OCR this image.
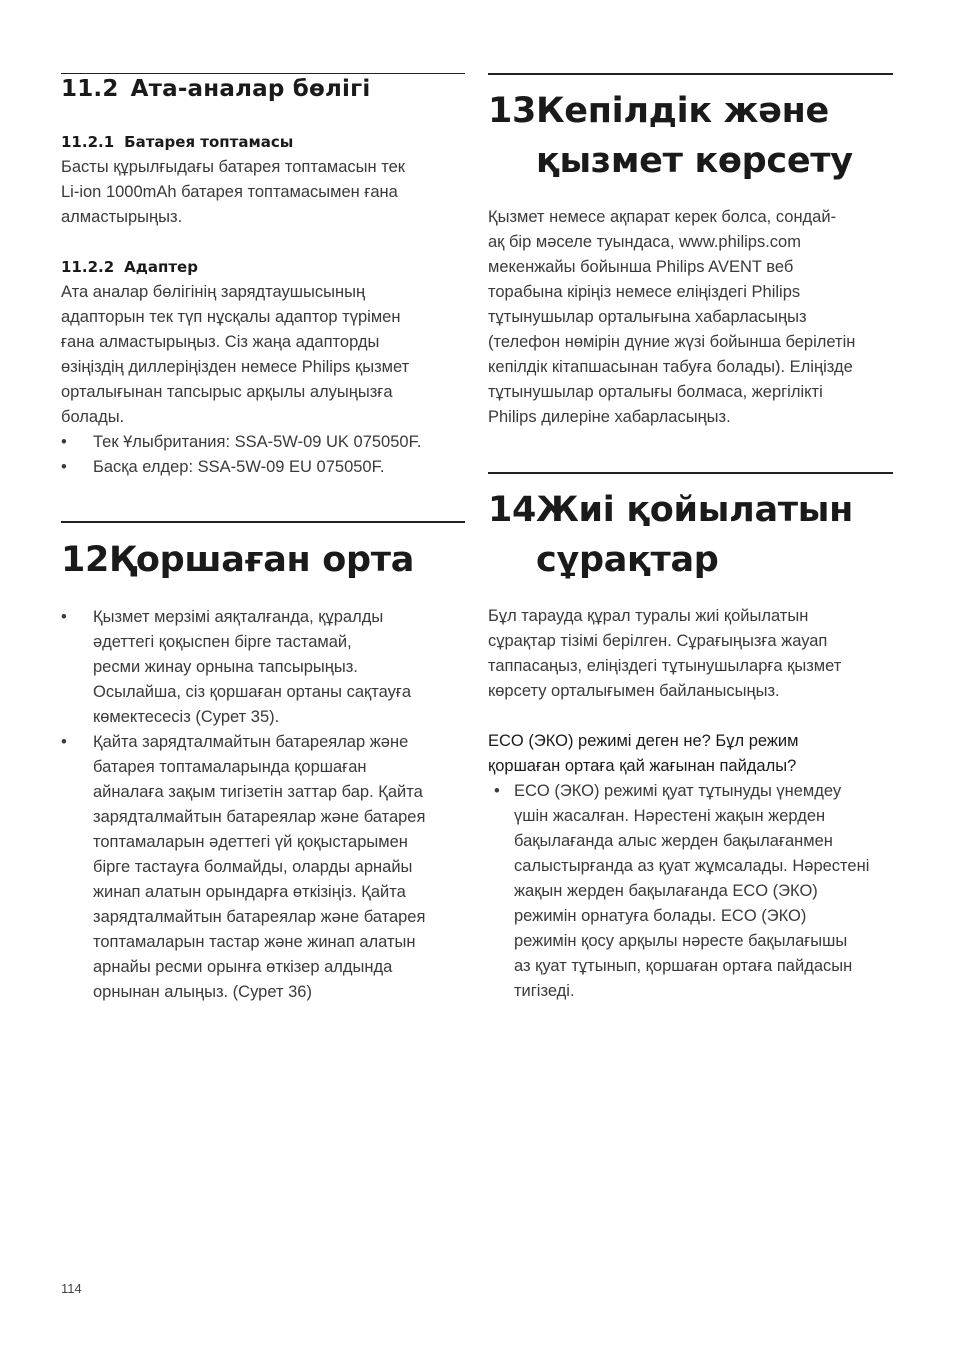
11.2 Ата-аналар бөлігі
11.2.1 Батарея топтамасы

Басты құрылғыдағы батарея топтамасын тек

Li-ion 1000mAh батарея топтамасымен ғана

алмастырыңыз.

11.2.2 Адаптер

Ата аналар бөлігінің зарядтаушысының

адапторын тек түп нұсқалы адаптор түрімен

ғана алмастырыңыз. Сіз жаңа адапторды

өзіңіздің диллеріңізден немесе Philips қызмет

орталығынан тапсырыс арқылы алуыңызға

болады.

• Тек Ұлыбритания: SSA-5W-09 UK 075050F.
• Басқа елдер: SSA-5W-09 EU 075050F.
12 Қоршаған орта
• Қызмет мерзімі аяқталғанда, құралды
әдеттегі қоқыспен бірге тастамай,
ресми жинау орнына тапсырыңыз.
Осылайша, сіз қоршаған ортаны сақтауға
көмектесесіз (Сурет 35).
• Қайта зарядталмайтын батареялар және
батарея топтамаларында қоршаған
айналаға зақым тигізетін заттар бар. Қайта
зарядталмайтын батареялар және батарея
топтамаларын әдеттегі үй қоқыстарымен
бірге тастауға болмайды, оларды арнайы
жинап алатын орындарға өткізіңіз. Қайта
зарядталмайтын батареялар және батарея
топтамаларын тастар және жинап алатын
арнайы ресми орынға өткізер алдында
орнынан алыңыз. (Сурет 36)
13 Кепілдік және
қызмет көрсету

Қызмет немесе ақпарат керек болса, сондай-

ақ бір мәселе туындаса, www.philips.com

мекенжайы бойынша Philips AVENT веб

торабына кіріңіз немесе еліңіздегі Philips

тұтынушылар орталығына хабарласыңыз

(телефон нөмірін дүние жүзі бойынша берілетін

кепілдік кітапшасынан табуға болады). Еліңізде

тұтынушылар орталығы болмаса, жергілікті

Philips дилеріне хабарласыңыз.

14 Жиі қойылатын
сұрақтар

Бұл тарауда құрал туралы жиі қойылатын

сұрақтар тізімі берілген. Сұрағыңызға жауап

таппасаңыз, еліңіздегі тұтынушыларға қызмет

көрсету орталығымен байланысыңыз.

ECO (ЭКО) режимі деген не? Бұл режим

қоршаған ортаға қай жағынан пайдалы?

• ECO (ЭКО) режимі қуат тұтынуды үнемдеу
үшін жасалған. Нәрестені жақын жерден
бақылағанда алыс жерден бақылағанмен
салыстырғанда аз қуат жұмсалады. Нәрестені
жақын жерден бақылағанда ECO (ЭКО)
режимін орнатуға болады. ECO (ЭКО)
режимін қосу арқылы нәресте бақылағышы
аз қуат тұтынып, қоршаған ортаға пайдасын
тигізеді.
114
